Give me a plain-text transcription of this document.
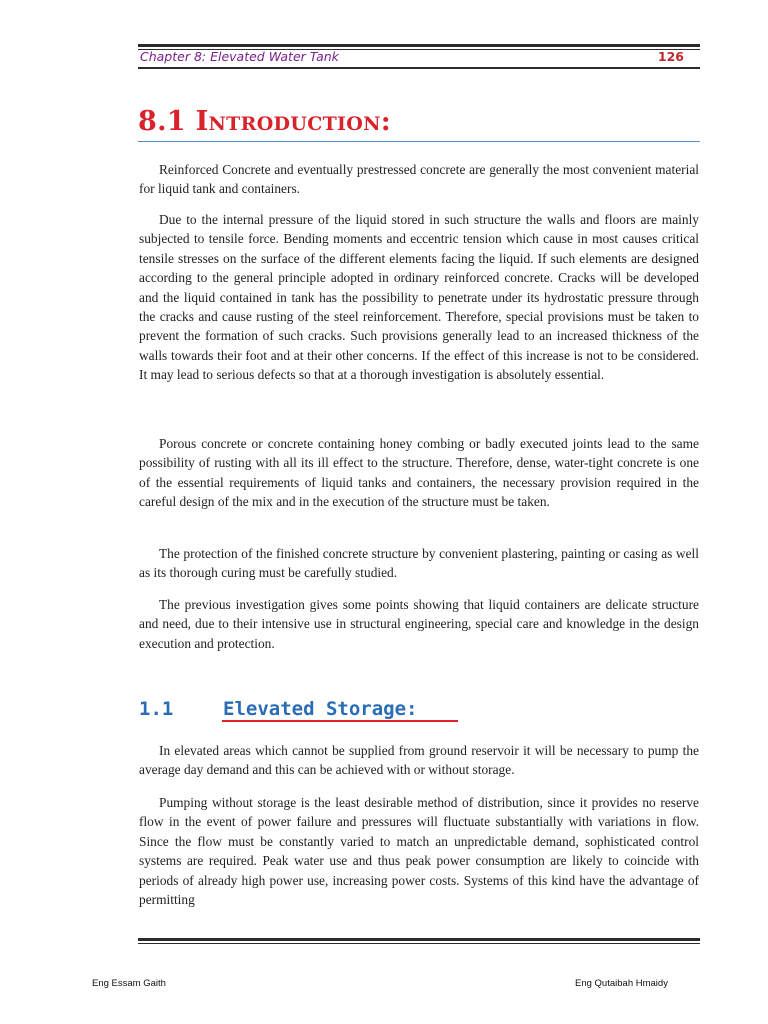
Chapter 8: Elevated Water Tank	126
8.1 Introduction:

Reinforced Concrete and eventually prestressed concrete are generally the most convenient material for liquid tank and containers.

Due to the internal pressure of the liquid stored in such structure the walls and floors are mainly subjected to tensile force. Bending moments and eccentric tension which cause in most causes critical tensile stresses on the surface of the different elements facing the liquid. If such elements are designed according to the general principle adopted in ordinary reinforced concrete. Cracks will be developed and the liquid contained in tank has the possibility to penetrate under its hydrostatic pressure through the cracks and cause rusting of the steel reinforcement. Therefore, special provisions must be taken to prevent the formation of such cracks. Such provisions generally lead to an increased thickness of the walls towards their foot and at their other concerns. If the effect of this increase is not to be considered. It may lead to serious defects so that at a thorough investigation is absolutely essential.

Porous concrete or concrete containing honey combing or badly executed joints lead to the same possibility of rusting with all its ill effect to the structure. Therefore, dense, water-tight concrete is one of the essential requirements of liquid tanks and containers, the necessary provision required in the careful design of the mix and in the execution of the structure must be taken.

The protection of the finished concrete structure by convenient plastering, painting or casing as well as its thorough curing must be carefully studied.

The previous investigation gives some points showing that liquid containers are delicate structure and need, due to their intensive use in structural engineering, special care and knowledge in the design execution and protection.

1.1	Elevated Storage:

In elevated areas which cannot be supplied from ground reservoir it will be necessary to pump the average day demand and this can be achieved with or without storage.

Pumping without storage is the least desirable method of distribution, since it provides no reserve flow in the event of power failure and pressures will fluctuate substantially with variations in flow. Since the flow must be constantly varied to match an unpredictable demand, sophisticated control systems are required. Peak water use and thus peak power consumption are likely to coincide with periods of already high power use, increasing power costs. Systems of this kind have the advantage of permitting

Eng Essam Gaith	Eng Qutaibah Hmaidy
